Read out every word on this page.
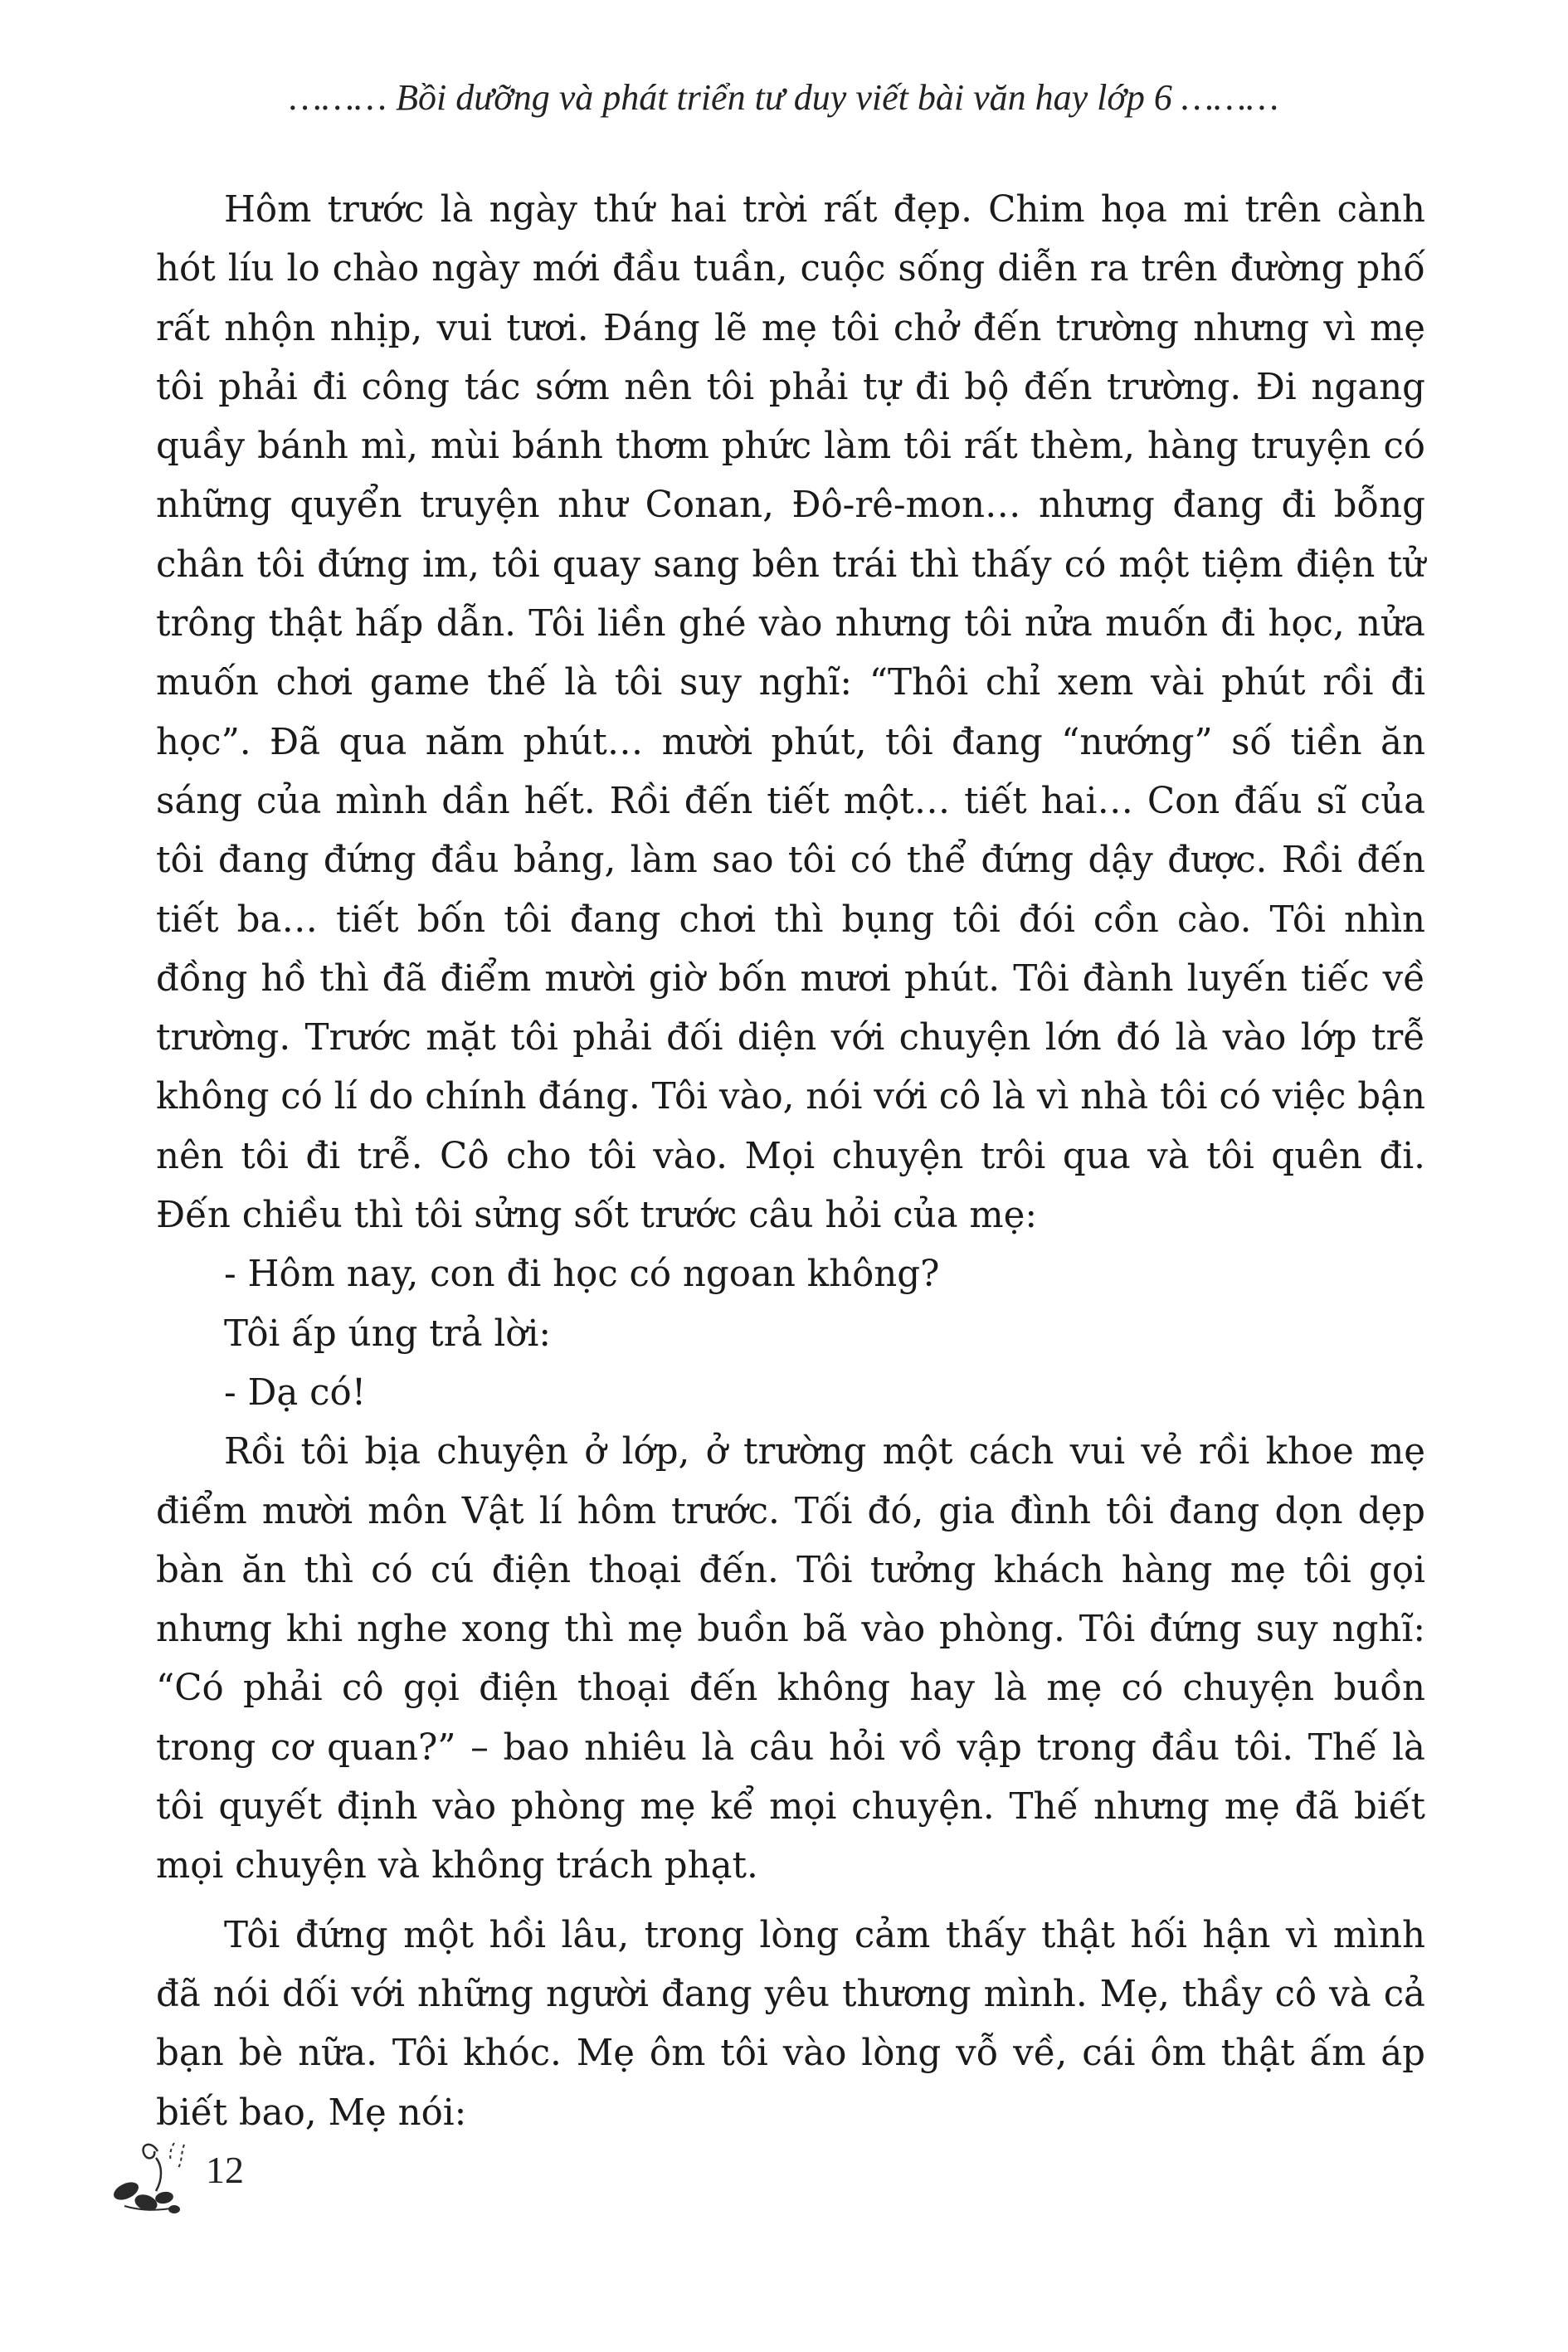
……… Bồi dưỡng và phát triển tư duy viết bài văn hay lớp 6 ………

Hôm trước là ngày thứ hai trời rất đẹp. Chim họa mi trên cành hót líu lo chào ngày mới đầu tuần, cuộc sống diễn ra trên đường phố rất nhộn nhịp, vui tươi. Đáng lẽ mẹ tôi chở đến trường nhưng vì mẹ tôi phải đi công tác sớm nên tôi phải tự đi bộ đến trường. Đi ngang quầy bánh mì, mùi bánh thơm phức làm tôi rất thèm, hàng truyện có những quyển truyện như Conan, Đô-rê-mon… nhưng đang đi bỗng chân tôi đứng im, tôi quay sang bên trái thì thấy có một tiệm điện tử trông thật hấp dẫn. Tôi liền ghé vào nhưng tôi nửa muốn đi học, nửa muốn chơi game thế là tôi suy nghĩ: “Thôi chỉ xem vài phút rồi đi học”. Đã qua năm phút… mười phút, tôi đang “nướng” số tiền ăn sáng của mình dần hết. Rồi đến tiết một… tiết hai… Con đấu sĩ của tôi đang đứng đầu bảng, làm sao tôi có thể đứng dậy được. Rồi đến tiết ba… tiết bốn tôi đang chơi thì bụng tôi đói cồn cào. Tôi nhìn đồng hồ thì đã điểm mười giờ bốn mươi phút. Tôi đành luyến tiếc về trường. Trước mặt tôi phải đối diện với chuyện lớn đó là vào lớp trễ không có lí do chính đáng. Tôi vào, nói với cô là vì nhà tôi có việc bận nên tôi đi trễ. Cô cho tôi vào. Mọi chuyện trôi qua và tôi quên đi. Đến chiều thì tôi sửng sốt trước câu hỏi của mẹ:

- Hôm nay, con đi học có ngoan không?

Tôi ấp úng trả lời:

- Dạ có!

Rồi tôi bịa chuyện ở lớp, ở trường một cách vui vẻ rồi khoe mẹ điểm mười môn Vật lí hôm trước. Tối đó, gia đình tôi đang dọn dẹp bàn ăn thì có cú điện thoại đến. Tôi tưởng khách hàng mẹ tôi gọi nhưng khi nghe xong thì mẹ buồn bã vào phòng. Tôi đứng suy nghĩ: “Có phải cô gọi điện thoại đến không hay là mẹ có chuyện buồn trong cơ quan?” – bao nhiêu là câu hỏi vồ vập trong đầu tôi. Thế là tôi quyết định vào phòng mẹ kể mọi chuyện. Thế nhưng mẹ đã biết mọi chuyện và không trách phạt.

Tôi đứng một hồi lâu, trong lòng cảm thấy thật hối hận vì mình đã nói dối với những người đang yêu thương mình. Mẹ, thầy cô và cả bạn bè nữa. Tôi khóc. Mẹ ôm tôi vào lòng vỗ về, cái ôm thật ấm áp biết bao, Mẹ nói:

12
